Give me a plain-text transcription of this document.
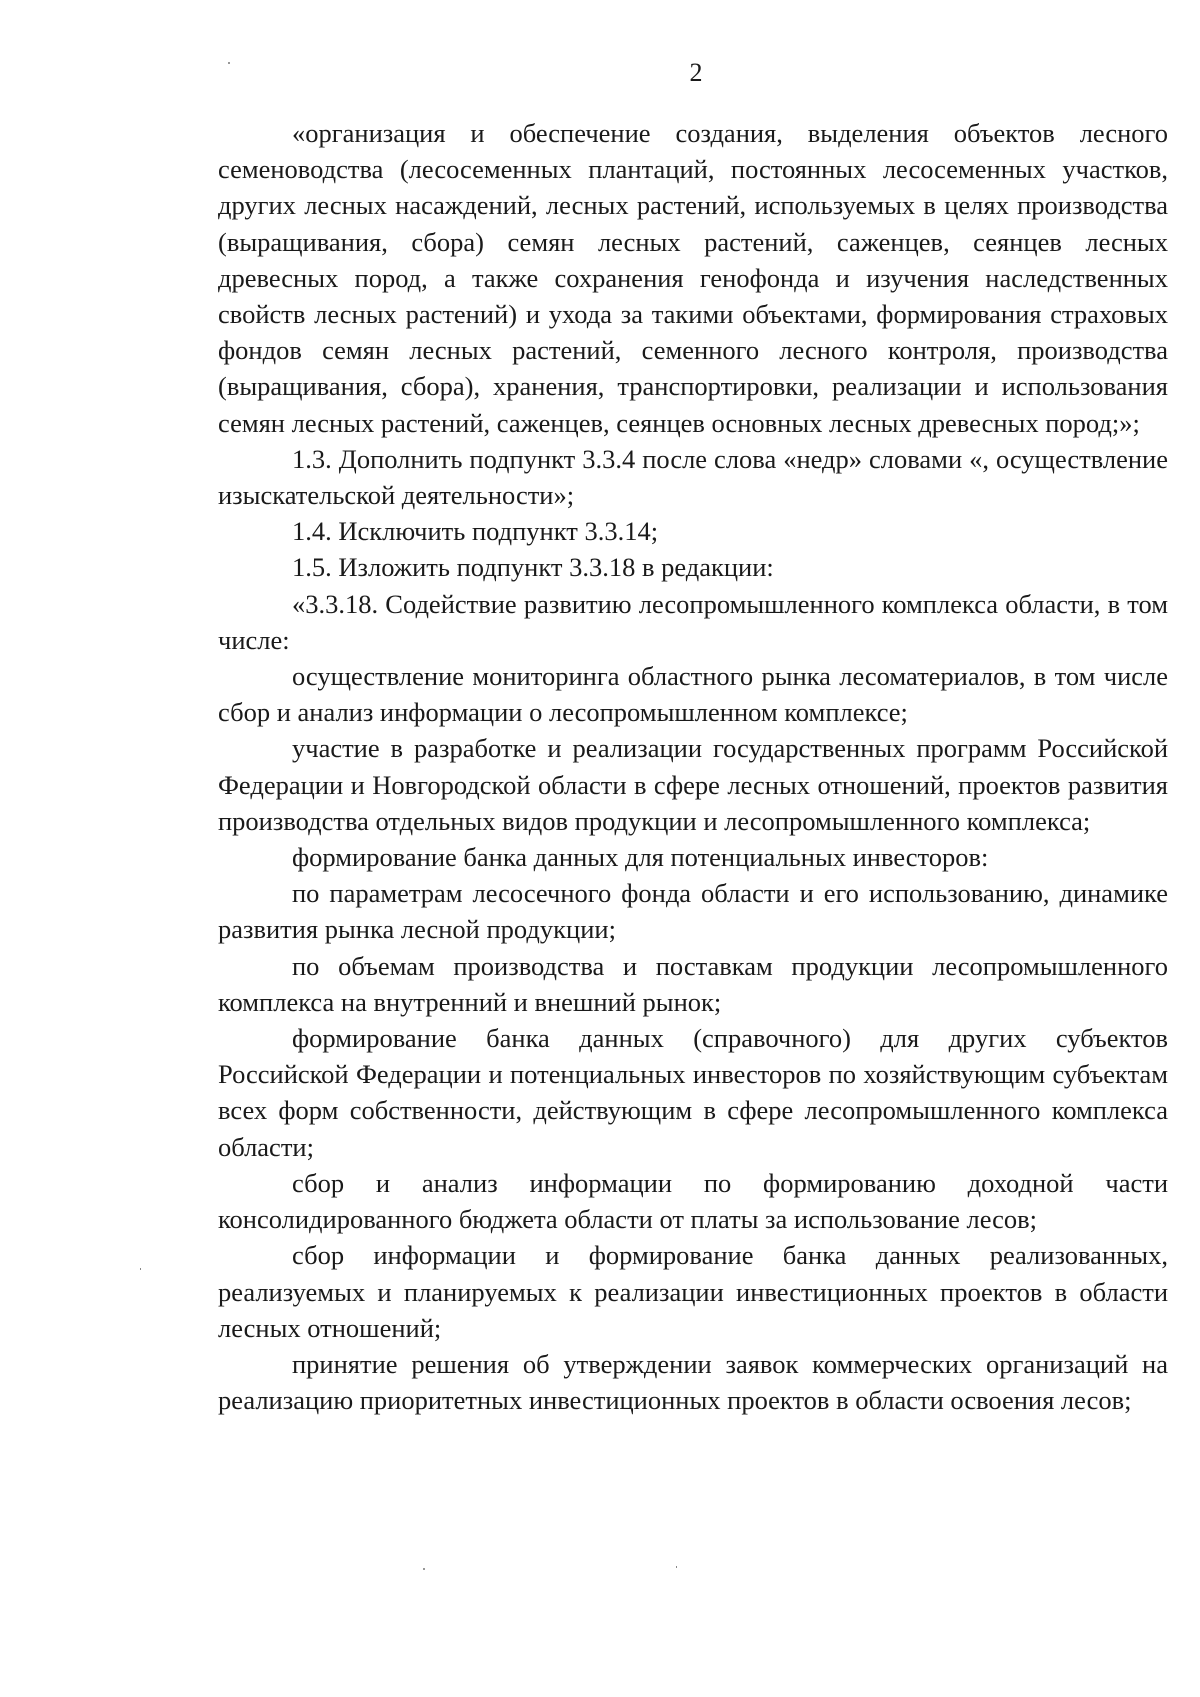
2

«организация и обеспечение создания, выделения объектов лесного семеноводства (лесосеменных плантаций, постоянных лесосеменных участков, других лесных насаждений, лесных растений, используемых в целях производства (выращивания, сбора) семян лесных растений, саженцев, сеянцев лесных древесных пород, а также сохранения генофонда и изучения наследственных свойств лесных растений) и ухода за такими объектами, формирования страховых фондов семян лесных растений, семенного лесного контроля, производства (выращивания, сбора), хранения, транспортировки, реализации и использования семян лесных растений, саженцев, сеянцев основных лесных древесных пород;»;

1.3. Дополнить подпункт 3.3.4 после слова «недр» словами «, осуществление изыскательской деятельности»;

1.4. Исключить подпункт 3.3.14;

1.5. Изложить подпункт 3.3.18 в редакции:

«3.3.18. Содействие развитию лесопромышленного комплекса области, в том числе:

осуществление мониторинга областного рынка лесоматериалов, в том числе сбор и анализ информации о лесопромышленном комплексе;

участие в разработке и реализации государственных программ Российской Федерации и Новгородской области в сфере лесных отношений, проектов развития производства отдельных видов продукции и лесопромышленного комплекса;

формирование банка данных для потенциальных инвесторов:

по параметрам лесосечного фонда области и его использованию, динамике развития рынка лесной продукции;

по объемам производства и поставкам продукции лесопромышленного комплекса на внутренний и внешний рынок;

формирование банка данных (справочного) для других субъектов Российской Федерации и потенциальных инвесторов по хозяйствующим субъектам всех форм собственности, действующим в сфере лесопромышленного комплекса области;

сбор и анализ информации по формированию доходной части консолидированного бюджета области от платы за использование лесов;

сбор информации и формирование банка данных реализованных, реализуемых и планируемых к реализации инвестиционных проектов в области лесных отношений;

принятие решения об утверждении заявок коммерческих организаций на реализацию приоритетных инвестиционных проектов в области освоения лесов;
